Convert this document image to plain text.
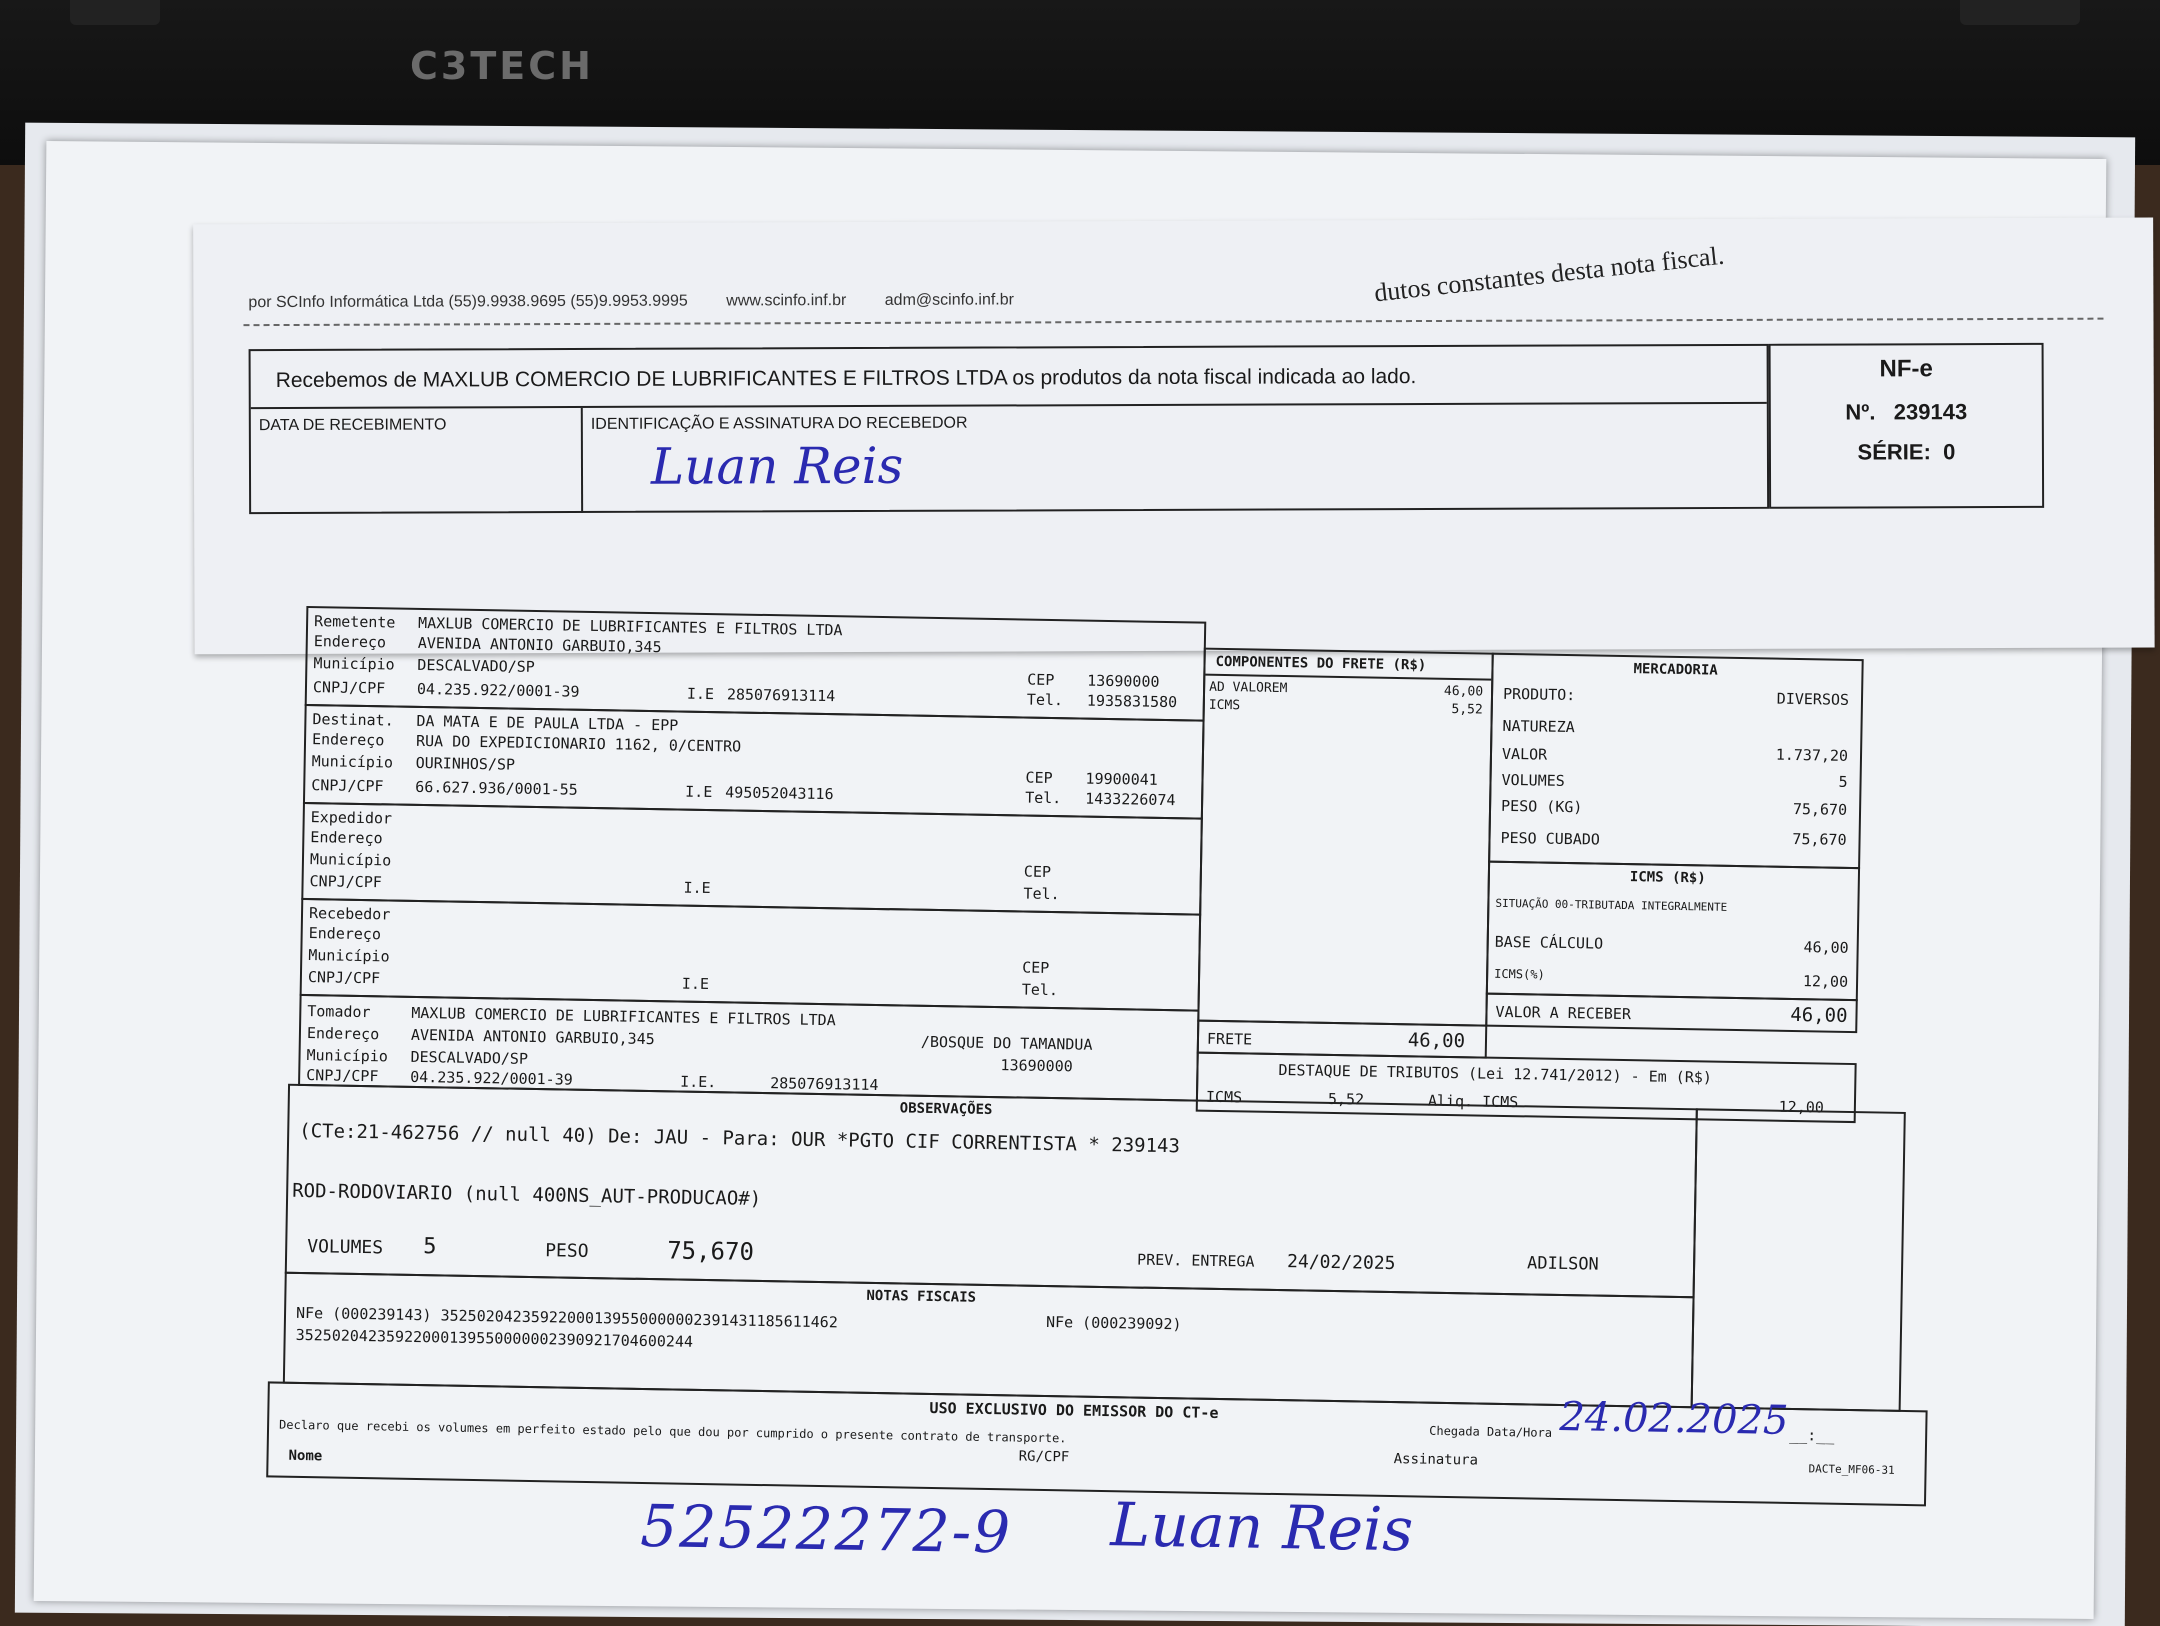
C3TECH
por SCInfo Informática Ltda (55)9.9938.9695 (55)9.9953.9995 www.scinfo.inf.br adm@scinfo.inf.br	dutos constantes desta nota fiscal.
Recebemos de MAXLUB COMERCIO DE LUBRIFICANTES E FILTROS LTDA os produtos da nota fiscal indicada ao lado.
DATA DE RECEBIMENTO	IDENTIFICAÇÃO E ASSINATURA DO RECEBEDOR
Luan Reis
NF-e
Nº. 239143
SÉRIE: 0
Remetente MAXLUB COMERCIO DE LUBRIFICANTES E FILTROS LTDA
Endereço AVENIDA ANTONIO GARBUIO,345
Município DESCALVADO/SP
CNPJ/CPF 04.235.922/0001-39	I.E 285076913114
CEP 13690000
Tel. 1935831580
Destinat. DA MATA E DE PAULA LTDA - EPP
Endereço RUA DO EXPEDICIONARIO 1162, 0/CENTRO
Município OURINHOS/SP
CNPJ/CPF 66.627.936/0001-55	I.E 495052043116
CEP 19900041
Tel. 1433226074
Expedidor
Endereço
Município
CNPJ/CPF	I.E
CEP
Tel.
Recebedor
Endereço
Município
CNPJ/CPF	I.E
CEP
Tel.
Tomador	MAXLUB COMERCIO DE LUBRIFICANTES E FILTROS LTDA
Endereço AVENIDA ANTONIO GARBUIO,345	/BOSQUE DO TAMANDUA
Município DESCALVADO/SP	13690000
CNPJ/CPF 04.235.922/0001-39	I.E.	285076913114
COMPONENTES DO FRETE (R$)
AD VALOREM	46,00
ICMS	5,52
FRETE	46,00
MERCADORIA
PRODUTO:	DIVERSOS
NATUREZA
VALOR	1.737,20
VOLUMES	5
PESO (KG)	75,670
PESO CUBADO	75,670
ICMS (R$)
SITUAÇÃO 00-TRIBUTADA INTEGRALMENTE
BASE CÁLCULO	46,00
ICMS(%)	12,00
VALOR A RECEBER	46,00
DESTAQUE DE TRIBUTOS (Lei 12.741/2012) - Em (R$)
ICMS	5,52	Aliq. ICMS	12,00
OBSERVAÇÕES
(CTe:21-462756 // null 40) De: JAU - Para: OUR *PGTO CIF CORRENTISTA * 239143
ROD-RODOVIARIO (null 400NS_AUT-PRODUCAO#)
VOLUMES 5	PESO	75,670	PREV. ENTREGA 24/02/2025	ADILSON
NOTAS FISCAIS
NFe (000239143) 35250204235922000139550000002391431185611462	NFe (000239092)
35250204235922000139550000002390921704600244
USO EXCLUSIVO DO EMISSOR DO CT-e
Declaro que recebi os volumes em perfeito estado pelo que dou por cumprido o presente contrato de transporte.	Chegada Data/Hora 24.02.2025 __:__
Nome	RG/CPF	Assinatura
DACTe_MF06-31
52522272-9 Luan Reis
